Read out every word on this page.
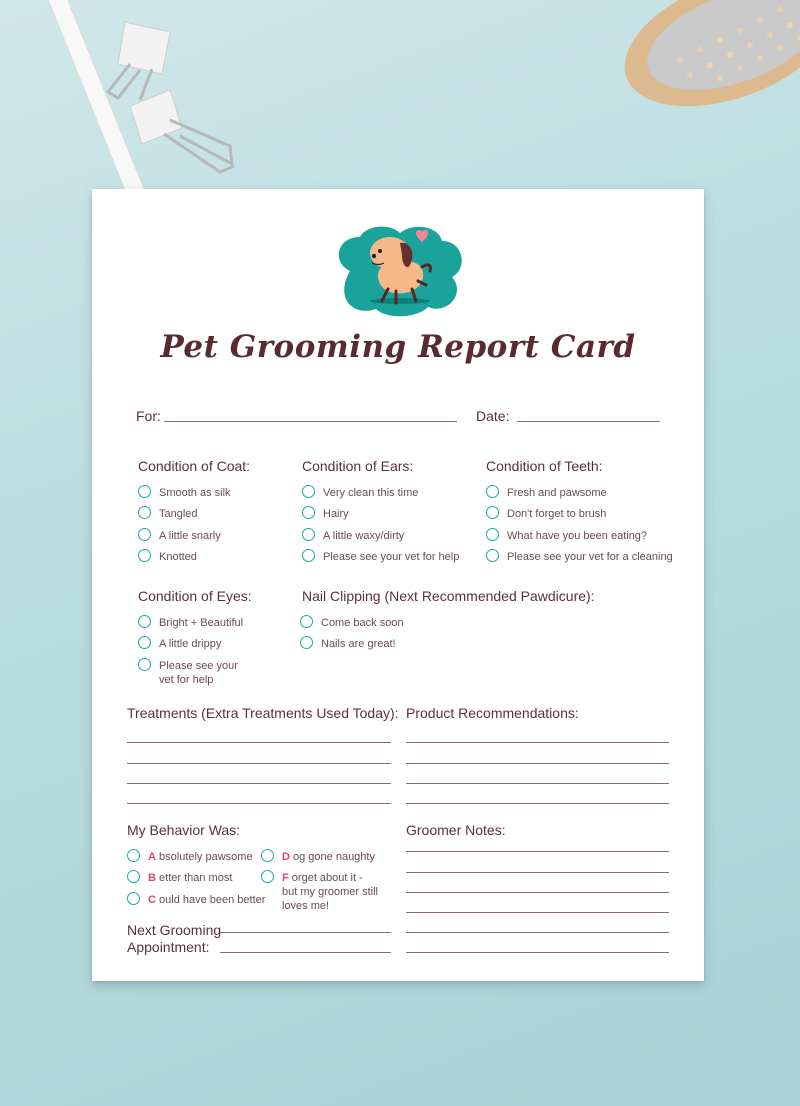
Pet Grooming Report Card
For:	Date:
Condition of Coat:
Smooth as silk
Tangled
A little snarly
Knotted
Condition of Ears:
Very clean this time
Hairy
A little waxy/dirty
Please see your vet for help
Condition of Teeth:
Fresh and pawsome
Don't forget to brush
What have you been eating?
Please see your vet for a cleaning
Condition of Eyes:
Bright + Beautiful
A little drippy
Please see your
vet for help
Nail Clipping (Next Recommended Pawdicure):
Come back soon
Nails are great!
Treatments (Extra Treatments Used Today): Product Recommendations:
My Behavior Was:
A bsolutely pawsome
B etter than most
C ould have been better
D og gone naughty
F orget about it -
but my groomer still
loves me!
Next Grooming
Appointment:
Groomer Notes:
